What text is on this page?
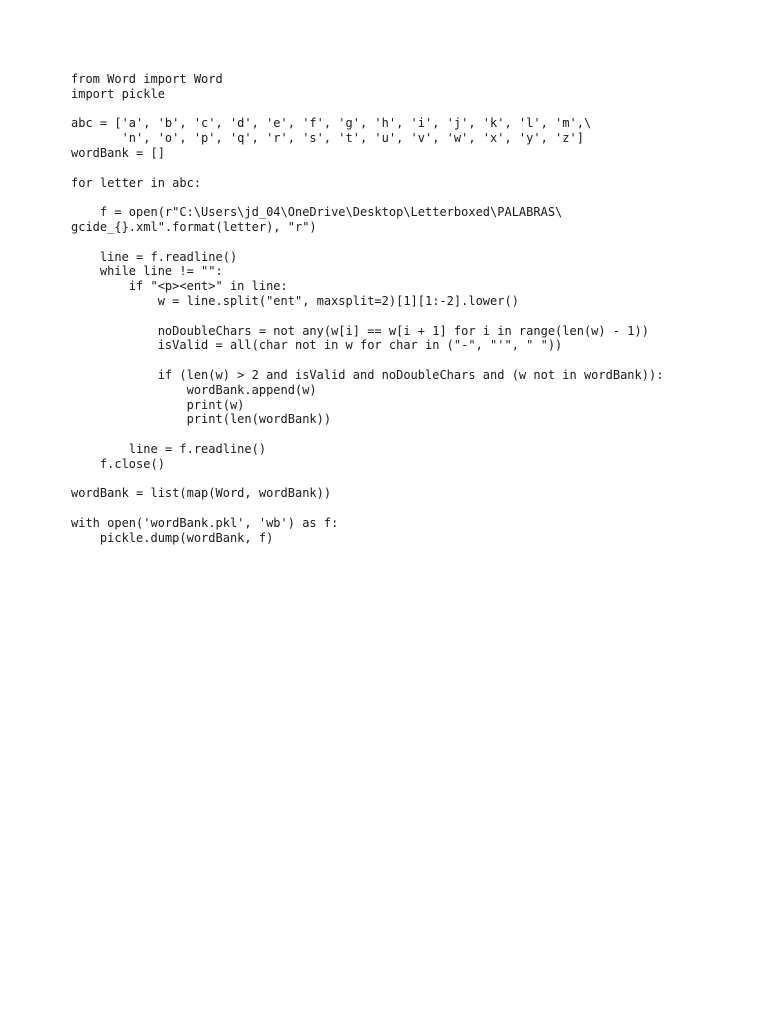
from Word import Word
import pickle
abc = ['a', 'b', 'c', 'd', 'e', 'f', 'g', 'h', 'i', 'j', 'k', 'l', 'm',\
'n', 'o', 'p', 'q', 'r', 's', 't', 'u', 'v', 'w', 'x', 'y', 'z']
wordBank = []
for letter in abc:
f = open(r"C:\Users\jd_04\OneDrive\Desktop\Letterboxed\PALABRAS\
gcide_{}.xml".format(letter), "r")
line = f.readline()
while line != "":
if "<p><ent>" in line:
w = line.split("ent", maxsplit=2)[1][1:-2].lower()
noDoubleChars = not any(w[i] == w[i + 1] for i in range(len(w) - 1))
isValid = all(char not in w for char in ("-", "'", " "))
if (len(w) > 2 and isValid and noDoubleChars and (w not in wordBank)):
wordBank.append(w)
print(w)
print(len(wordBank))
line = f.readline()
f.close()
wordBank = list(map(Word, wordBank))
with open('wordBank.pkl', 'wb') as f:
pickle.dump(wordBank, f)
